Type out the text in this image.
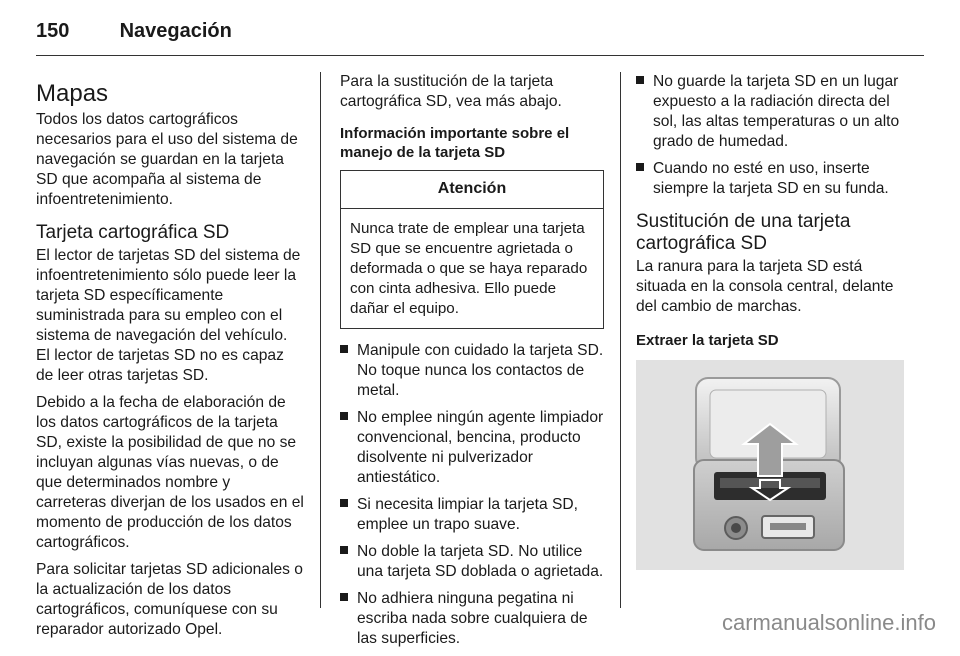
150	Navegación
Mapas

Todos los datos cartográficos necesarios para el uso del sistema de navegación se guardan en la tarjeta SD que acompaña al sistema de infoentretenimiento.

Tarjeta cartográfica SD

El lector de tarjetas SD del sistema de infoentretenimiento sólo puede leer la tarjeta SD específicamente suministrada para su empleo con el sistema de navegación del vehículo. El lector de tarjetas SD no es capaz de leer otras tarjetas SD.

Debido a la fecha de elaboración de los datos cartográficos de la tarjeta SD, existe la posibilidad de que no se incluyan algunas vías nuevas, o de que determinados nombre y carreteras diverjan de los usados en el momento de producción de los datos cartográficos.

Para solicitar tarjetas SD adicionales o la actualización de los datos cartográficos, comuníquese con su reparador autorizado Opel.

Para la sustitución de la tarjeta cartográfica SD, vea más abajo.

Información importante sobre el manejo de la tarjeta SD
Atención
Nunca trate de emplear una tarjeta SD que se encuentre agrietada o deformada o que se haya reparado con cinta adhesiva. Ello puede dañar el equipo.
Manipule con cuidado la tarjeta SD. No toque nunca los contactos de metal.
No emplee ningún agente limpiador convencional, bencina, producto disolvente ni pulverizador antiestático.
Si necesita limpiar la tarjeta SD, emplee un trapo suave.
No doble la tarjeta SD. No utilice una tarjeta SD doblada o agrietada.
No adhiera ninguna pegatina ni escriba nada sobre cualquiera de las superficies.
No guarde la tarjeta SD en un lugar expuesto a la radiación directa del sol, las altas temperaturas o un alto grado de humedad.
Cuando no esté en uso, inserte siempre la tarjeta SD en su funda.
Sustitución de una tarjeta cartográfica SD

La ranura para la tarjeta SD está situada en la consola central, delante del cambio de marchas.

Extraer la tarjeta SD
carmanualsonline.info
